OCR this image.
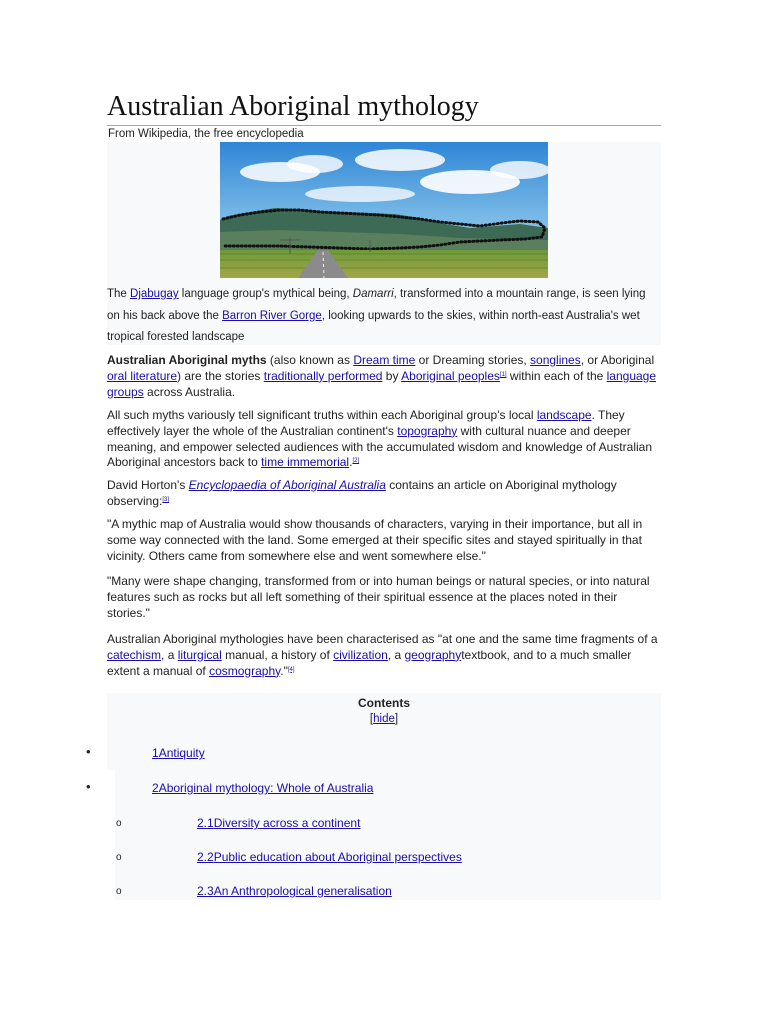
Australian Aboriginal mythology
From Wikipedia, the free encyclopedia
The Djabugay language group's mythical being, Damarri, transformed into a mountain range, is seen lying on his back above the Barron River Gorge, looking upwards to the skies, within north-east Australia's wet tropical forested landscape

Australian Aboriginal myths (also known as Dream time or Dreaming stories, songlines, or Aboriginal oral literature) are the stories traditionally performed by Aboriginal peoples[1] within each of the language groups across Australia.

All such myths variously tell significant truths within each Aboriginal group's local landscape. They effectively layer the whole of the Australian continent's topography with cultural nuance and deeper meaning, and empower selected audiences with the accumulated wisdom and knowledge of Australian Aboriginal ancestors back to time immemorial.[2]

David Horton's Encyclopaedia of Aboriginal Australia contains an article on Aboriginal mythology observing:[3]

"A mythic map of Australia would show thousands of characters, varying in their importance, but all in some way connected with the land. Some emerged at their specific sites and stayed spiritually in that vicinity. Others came from somewhere else and went somewhere else."

"Many were shape changing, transformed from or into human beings or natural species, or into natural features such as rocks but all left something of their spiritual essence at the places noted in their stories."

Australian Aboriginal mythologies have been characterised as "at one and the same time fragments of a catechism, a liturgical manual, a history of civilization, a geographytextbook, and to a much smaller extent a manual of cosmography."[4]

Contents
[hide]
•	1Antiquity
•	2Aboriginal mythology: Whole of Australia
o	2.1Diversity across a continent
o	2.2Public education about Aboriginal perspectives
o	2.3An Anthropological generalisation
